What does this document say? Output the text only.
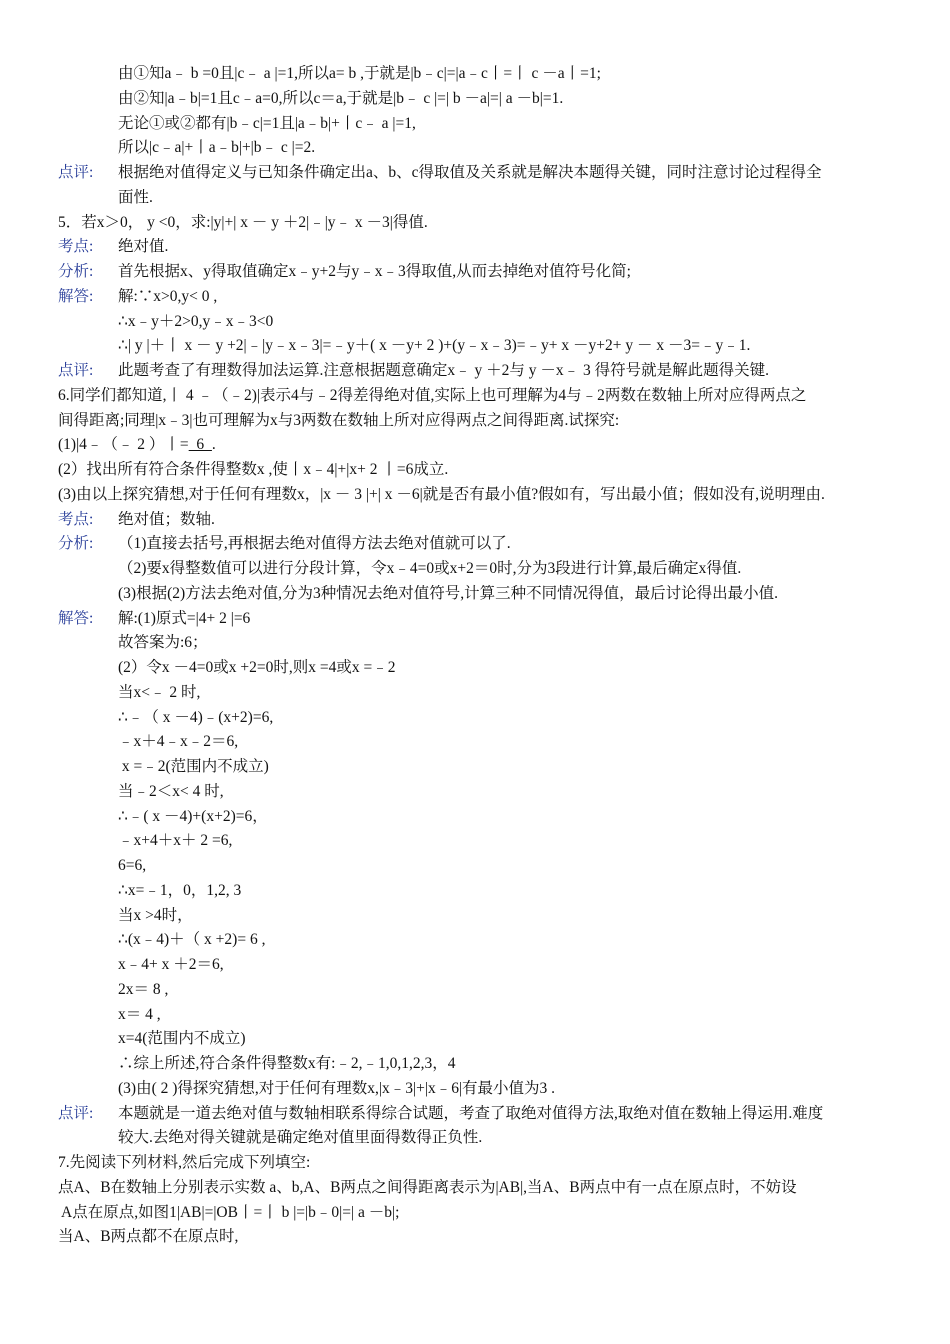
由①知a﹣ b =0且|c﹣ a |=1,所以a= b ,于就是|b﹣c|=|a﹣c丨=丨 c －a丨=1;
由②知|a﹣b|=1且c﹣a=0,所以c＝a,于就是|b﹣ c |=| b －a|=| a －b|=1.
无论①或②都有|b﹣c|=1且|a﹣b|+丨c﹣ a |=1,
所以|c﹣a|+丨a﹣b|+|b﹣ c |=2.
点评: 根据绝对值得定义与已知条件确定出a、b、c得取值及关系就是解决本题得关键，同时注意讨论过程得全
面性.
5．若x＞0， y <0，求:|y|+| x － y ＋2|﹣|y﹣ x －3|得值.
考点: 绝对值.
分析: 首先根据x、y得取值确定x﹣y+2与y﹣x﹣3得取值,从而去掉绝对值符号化简;
解答: 解:∵x>0,y< 0 ,
∴x﹣y＋2>0,y﹣x﹣3<0
∴| y |＋丨 x － y +2|﹣|y﹣x﹣3|=﹣y＋( x －y+ 2 )+(y﹣x﹣3)=﹣y+ x －y+2+ y － x －3=﹣y﹣1.
点评: 此题考查了有理数得加法运算.注意根据题意确定x﹣ y ＋2与 y －x﹣ 3 得符号就是解此题得关键.
6.同学们都知道,丨 4 ﹣（﹣2)|表示4与﹣2得差得绝对值,实际上也可理解为4与﹣2两数在数轴上所对应得两点之
间得距离;同理|x﹣3|也可理解为x与3两数在数轴上所对应得两点之间得距离.试探究:
(1)|4﹣（﹣ 2 ）丨=  6  .
(2）找出所有符合条件得整数x ,使丨x﹣4|+|x+ 2 丨=6成立.
(3)由以上探究猜想,对于任何有理数x，|x － 3 |+| x －6|就是否有最小值?假如有，写出最小值；假如没有,说明理由.
考点: 绝对值；数轴.
分析: （1)直接去括号,再根据去绝对值得方法去绝对值就可以了.
（2)要x得整数值可以进行分段计算，令x﹣4=0或x+2＝0时,分为3段进行计算,最后确定x得值.
(3)根据(2)方法去绝对值,分为3种情况去绝对值符号,计算三种不同情况得值，最后讨论得出最小值.
解答: 解:(1)原式=|4+ 2 |=6
故答案为:6；
(2）令x －4=0或x +2=0时,则x =4或x =﹣2
当x<﹣ 2 时,
∴﹣（ x －4)﹣(x+2)=6,
﹣x＋4﹣x﹣2＝6,
x =﹣2(范围内不成立)
当﹣2＜x< 4 时,
∴﹣( x －4)+(x+2)=6，
﹣x+4＋x＋ 2 =6,
6=6,
∴x=﹣1，0，1,2, 3
当x >4时，
∴(x﹣4)＋（ x +2)= 6 ,
x﹣4+ x ＋2＝6,
2x＝ 8 ,
x＝ 4 ,
x=4(范围内不成立)
∴综上所述,符合条件得整数x有:﹣2,﹣1,0,1,2,3，4
(3)由( 2 )得探究猜想,对于任何有理数x,|x﹣3|+|x﹣6|有最小值为3 .
点评: 本题就是一道去绝对值与数轴相联系得综合试题，考查了取绝对值得方法,取绝对值在数轴上得运用.难度
较大.去绝对得关键就是确定绝对值里面得数得正负性.
7.先阅读下列材料,然后完成下列填空:
点A、B在数轴上分别表示实数 a、b,A、B两点之间得距离表示为|AB|,当A、B两点中有一点在原点时，不妨设
A点在原点,如图1|AB|=|OB丨=丨 b |=|b﹣0|=| a －b|;
当A、B两点都不在原点时,
